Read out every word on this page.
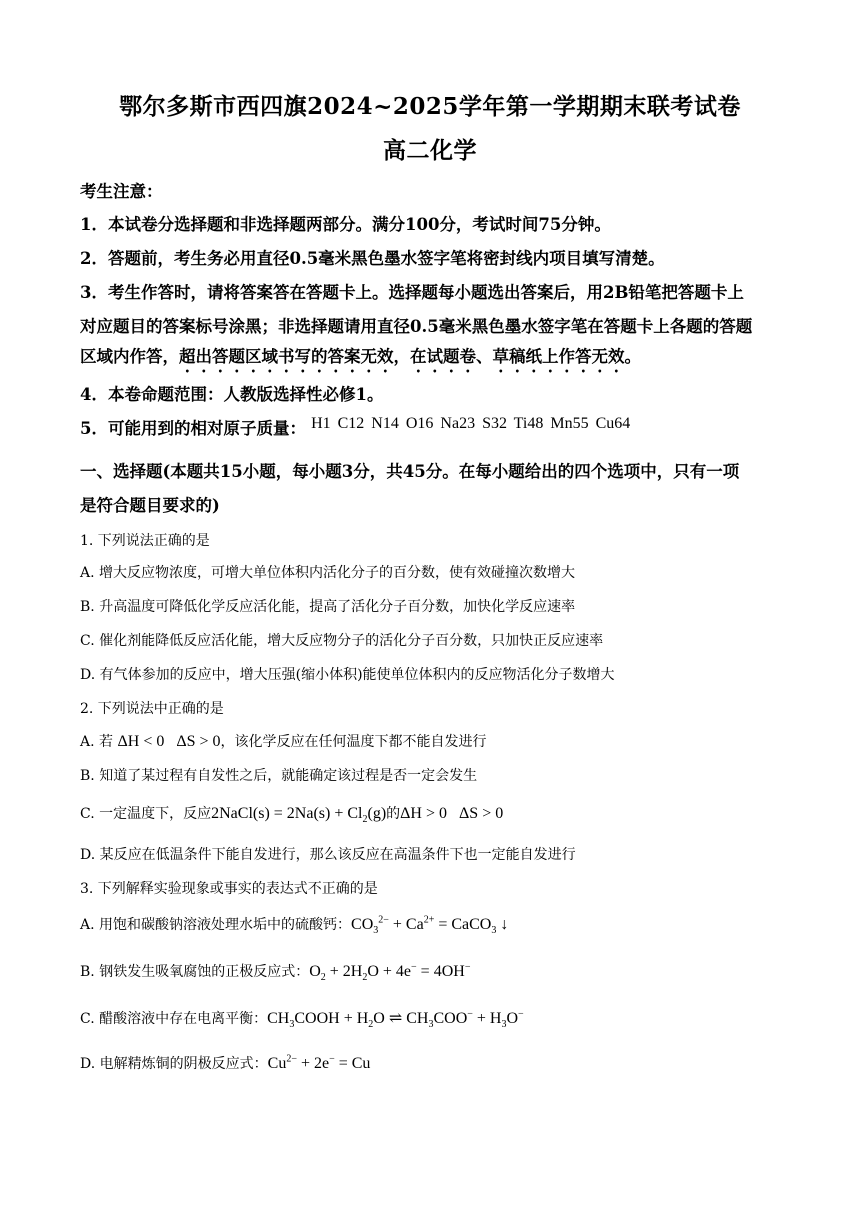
鄂尔多斯市西四旗2024~2025学年第一学期期末联考试卷
高二化学
考生注意：
1．本试卷分选择题和非选择题两部分。满分100分，考试时间75分钟。
2．答题前，考生务必用直径0.5毫米黑色墨水签字笔将密封线内项目填写清楚。
3．考生作答时，请将答案答在答题卡上。选择题每小题选出答案后，用2B铅笔把答题卡上
对应题目的答案标号涂黑；非选择题请用直径0.5毫米黑色墨水签字笔在答题卡上各题的答题
区域内作答，超出答题区域书写的答案无效，在试题卷、草稿纸上作答无效。
4．本卷命题范围：人教版选择性必修1。
5．可能用到的相对原子质量： H1 C12 N14 O16 Na23 S32 Ti48 Mn55 Cu64
一、选择题(本题共15小题，每小题3分，共45分。在每小题给出的四个选项中，只有一项
是符合题目要求的)
1. 下列说法正确的是
A. 增大反应物浓度，可增大单位体积内活化分子的百分数，使有效碰撞次数增大
B. 升高温度可降低化学反应活化能，提高了活化分子百分数，加快化学反应速率
C. 催化剂能降低反应活化能，增大反应物分子的活化分子百分数，只加快正反应速率
D. 有气体参加的反应中，增大压强(缩小体积)能使单位体积内的反应物活化分子数增大
2. 下列说法中正确的是
A. 若 ΔH < 0   ΔS > 0，该化学反应在任何温度下都不能自发进行
B. 知道了某过程有自发性之后，就能确定该过程是否一定会发生
C. 一定温度下，反应2NaCl(s) = $2Na(s) + Cl_2(g)$的ΔH > 0   ΔS > 0
D. 某反应在低温条件下能自发进行，那么该反应在高温条件下也一定能自发进行
3. 下列解释实验现象或事实的表达式不正确的是
A. 用饱和碳酸钠溶液处理水垢中的硫酸钙：$CO_3^{2-} + Ca^{2+}$ = CaCO$_3$ ↓
B. 钢铁发生吸氧腐蚀的正极反应式：$O_2 + 2H_2O + 4e^- = 4OH^-$
C. 醋酸溶液中存在电离平衡：$CH_3COOH + H_2O$ ⇌ $CH_3COO^- + H_3O^-$
D. 电解精炼铜的阴极反应式：$Cu^{2-} + 2e^- = Cu$
